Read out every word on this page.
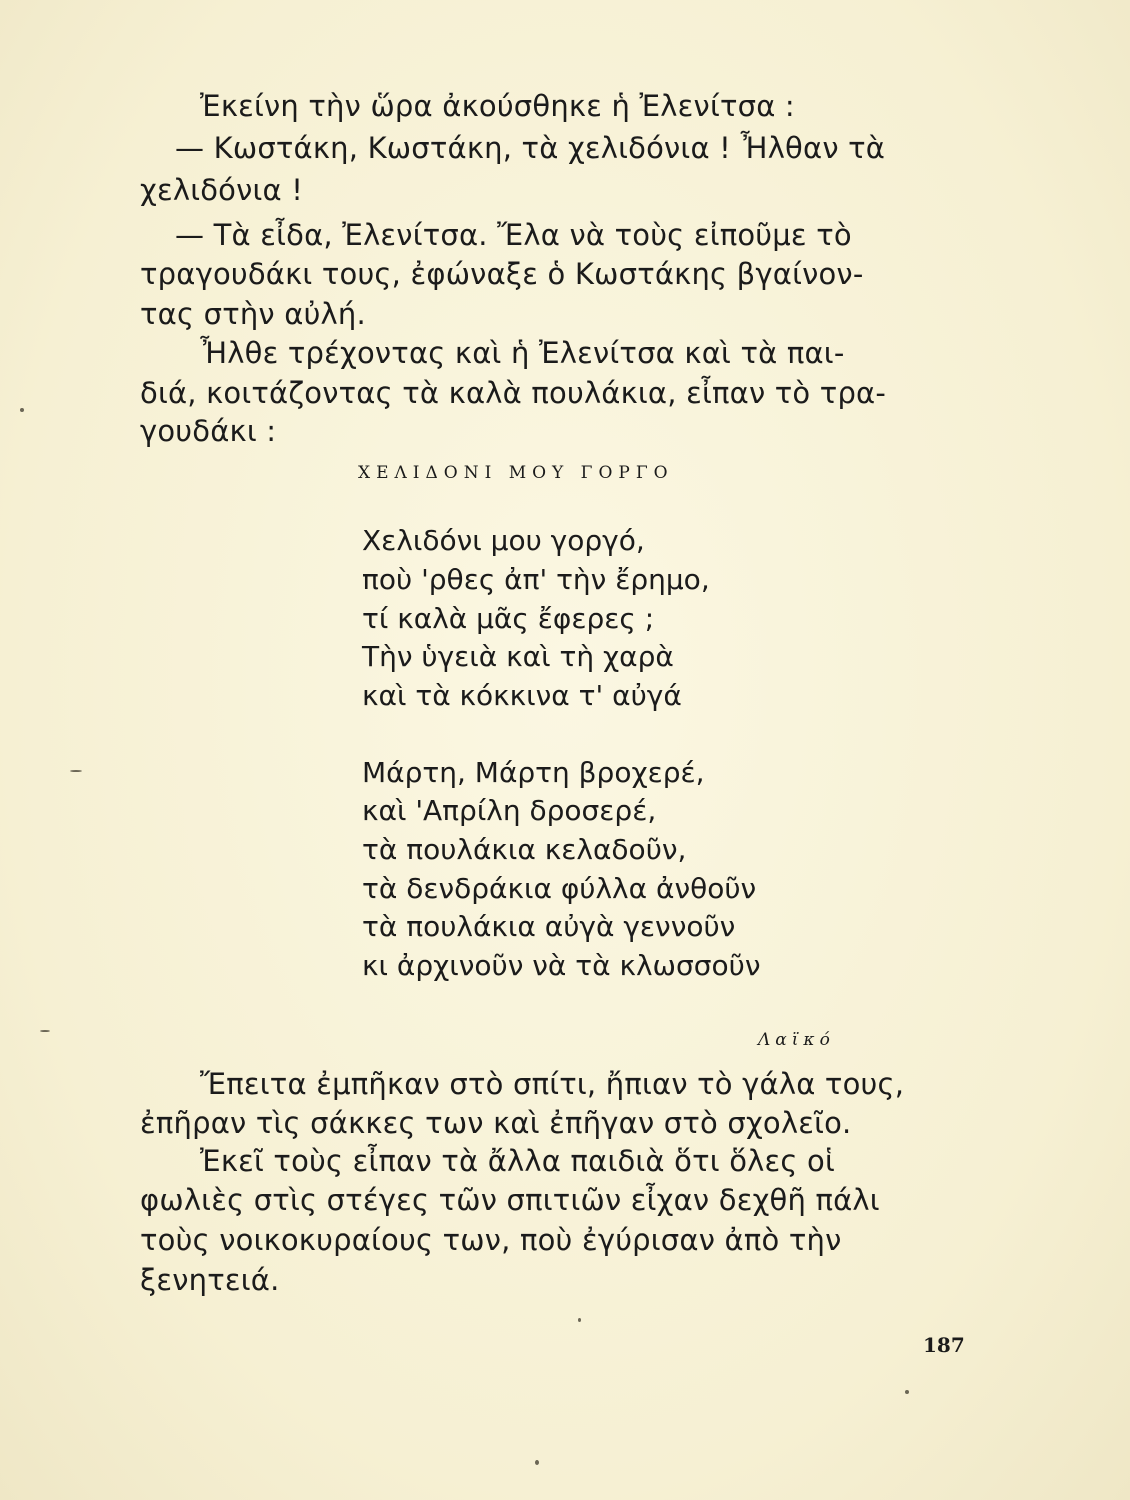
Ἐκείνη τὴν ὥρα ἀκούσθηκε ἡ Ἐλενίτσα :
— Κωστάκη, Κωστάκη, τὰ χελιδόνια ! Ἦλθαν τὰ
χελιδόνια !
— Τὰ εἶδα, Ἐλενίτσα. Ἔλα νὰ τοὺς εἰποῦμε τὸ
τραγουδάκι τους, ἐφώναξε ὁ Κωστάκης βγαίνον-
τας στὴν αὐλή.
Ἦλθε τρέχοντας καὶ ἡ Ἐλενίτσα καὶ τὰ παι-
διά, κοιτάζοντας τὰ καλὰ πουλάκια, εἶπαν τὸ τρα-
γουδάκι :
ΧΕΛΙΔΟΝΙ ΜΟΥ ΓΟΡΓΟ
Χελιδόνι μου γοργό,
ποὺ 'ρθες ἀπ' τὴν ἔρημο,
τί καλὰ μᾶς ἔφερες ;
Τὴν ὑγειὰ καὶ τὴ χαρὰ
καὶ τὰ κόκκινα τ' αὐγά
Μάρτη, Μάρτη βροχερέ,
καὶ 'Απρίλη δροσερέ,
τὰ πουλάκια κελαδοῦν,
τὰ δενδράκια φύλλα ἀνθοῦν
τὰ πουλάκια αὐγὰ γεννοῦν
κι ἀρχινοῦν νὰ τὰ κλωσσοῦν
Λαϊκό
Ἔπειτα ἐμπῆκαν στὸ σπίτι, ἤπιαν τὸ γάλα τους,
ἐπῆραν τὶς σάκκες των καὶ ἐπῆγαν στὸ σχολεῖο.
Ἐκεῖ τοὺς εἶπαν τὰ ἄλλα παιδιὰ ὅτι ὅλες οἱ
φωλιὲς στὶς στέγες τῶν σπιτιῶν εἶχαν δεχθῆ πάλι
τοὺς νοικοκυραίους των, ποὺ ἐγύρισαν ἀπὸ τὴν
ξενητειά.
187
